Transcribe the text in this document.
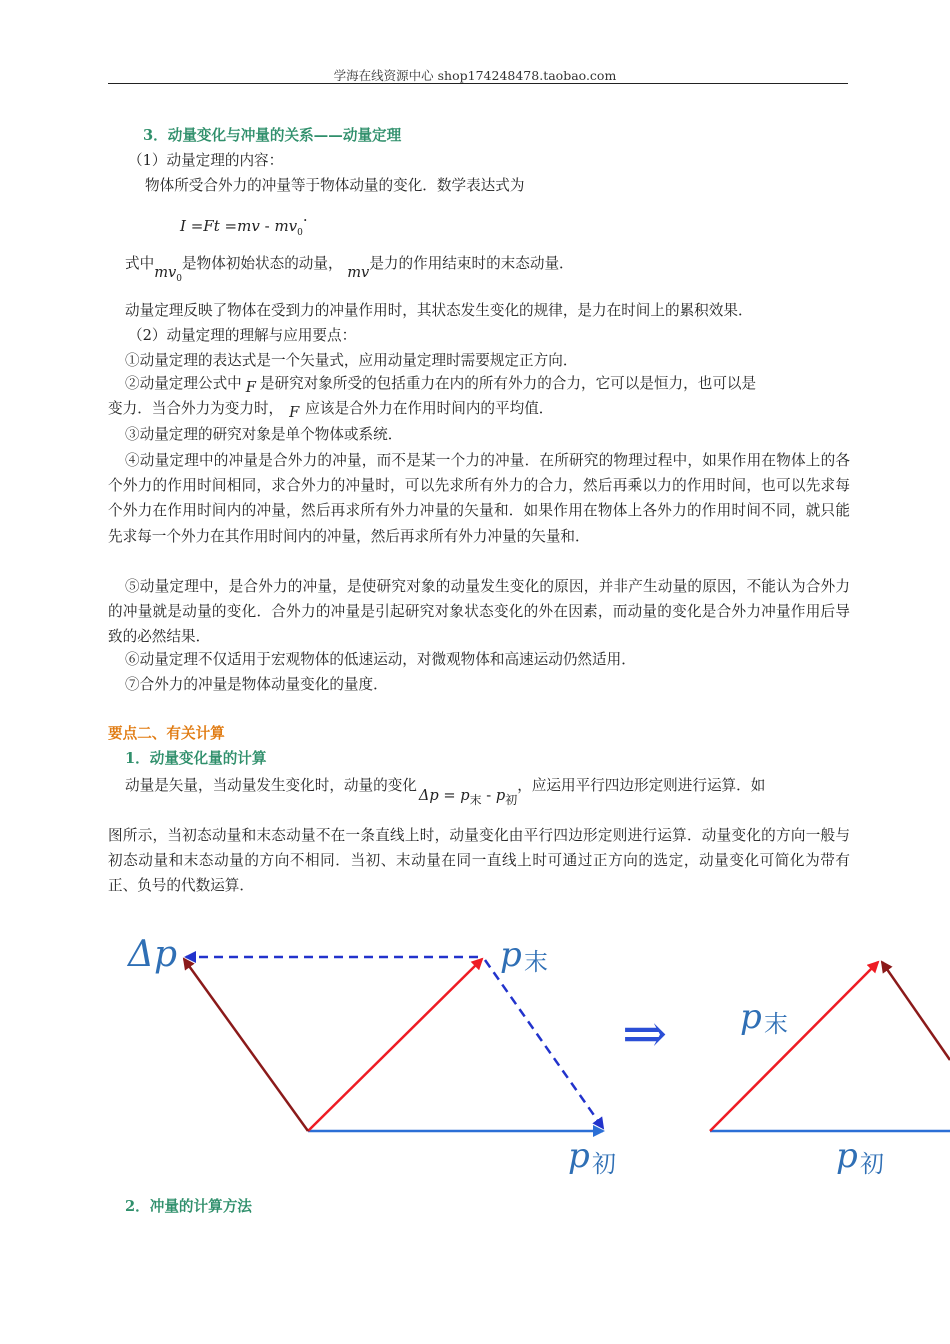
学海在线资源中心 shop174248478.taobao.com
3．动量变化与冲量的关系——动量定理
（1）动量定理的内容：
物体所受合外力的冲量等于物体动量的变化．数学表达式为
$I =Ft =mv - mv_0\cdot$
式中$mv_0$是物体初始状态的动量， mv是力的作用结束时的末态动量．
动量定理反映了物体在受到力的冲量作用时，其状态发生变化的规律，是力在时间上的累积效果．
（2）动量定理的理解与应用要点：
①动量定理的表达式是一个矢量式，应用动量定理时需要规定正方向．
②动量定理公式中 F 是研究对象所受的包括重力在内的所有外力的合力，它可以是恒力，也可以是
变力．当合外力为变力时， F 应该是合外力在作用时间内的平均值．
③动量定理的研究对象是单个物体或系统．
④动量定理中的冲量是合外力的冲量，而不是某一个力的冲量．在所研究的物理过程中，如果作用在物体上的各个外力的作用时间相同，求合外力的冲量时，可以先求所有外力的合力，然后再乘以力的作用时间，也可以先求每个外力在作用时间内的冲量，然后再求所有外力冲量的矢量和．如果作用在物体上各外力的作用时间不同，就只能先求每一个外力在其作用时间内的冲量，然后再求所有外力冲量的矢量和．
⑤动量定理中，是合外力的冲量，是使研究对象的动量发生变化的原因，并非产生动量的原因，不能认为合外力的冲量就是动量的变化．合外力的冲量是引起研究对象状态变化的外在因素，而动量的变化是合外力冲量作用后导致的必然结果．
⑥动量定理不仅适用于宏观物体的低速运动，对微观物体和高速运动仍然适用．
⑦合外力的冲量是物体动量变化的量度．
要点二、有关计算
1．动量变化量的计算
动量是矢量，当动量发生变化时，动量的变化$\Delta p = p_末 - p_初$，应运用平行四边形定则进行运算．如
图所示，当初态动量和末态动量不在一条直线上时，动量变化由平行四边形定则进行运算．动量变化的方向一般与初态动量和末态动量的方向不相同．当初、末动量在同一直线上时可通过正方向的选定，动量变化可简化为带有正、负号的代数运算．
Δp	p 末
p 初
⇒ p 末
p 初
2．冲量的计算方法
